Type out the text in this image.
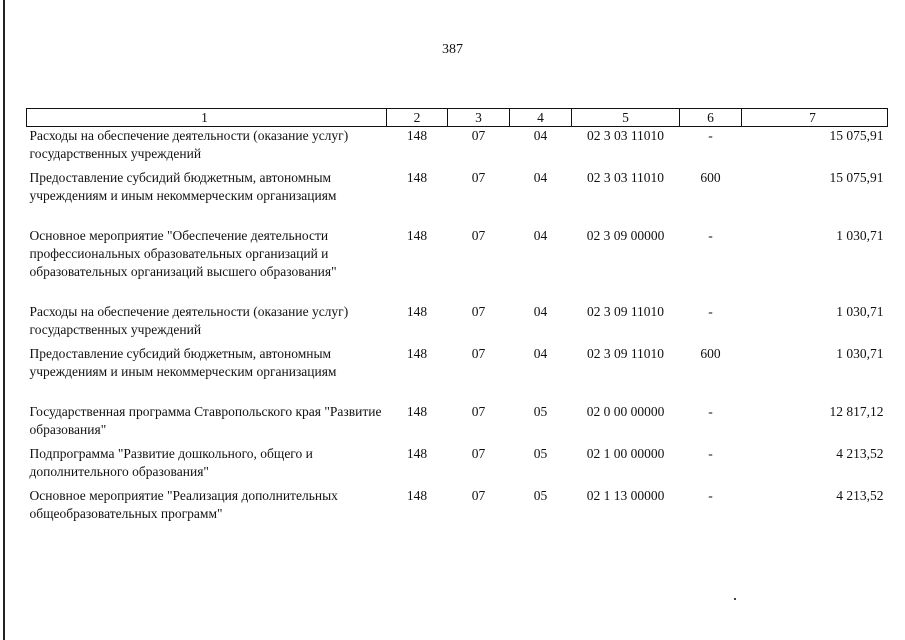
387
1	2	3	4	5	6	7
Расходы на обеспечение деятельности (оказание услуг) государственных учреждений	148	07	04	02 3 03 11010	-	15 075,91

Предоставление субсидий бюджетным, автономным учреждениям и иным некоммерческим организациям	148	07	04	02 3 03 11010	600	15 075,91

Основное мероприятие "Обеспечение деятельности профессиональных образовательных организаций и образовательных организаций высшего образования"	148	07	04	02 3 09 00000	-	1 030,71

Расходы на обеспечение деятельности (оказание услуг) государственных учреждений	148	07	04	02 3 09 11010	-	1 030,71

Предоставление субсидий бюджетным, автономным учреждениям и иным некоммерческим организациям	148	07	04	02 3 09 11010	600	1 030,71

Государственная программа Ставропольского края "Развитие образования"	148	07	05	02 0 00 00000	-	12 817,12

Подпрограмма "Развитие дошкольного, общего и дополнительного образования"	148	07	05	02 1 00 00000	-	4 213,52

Основное мероприятие "Реализация дополнительных общеобразовательных программ"	148	07	05	02 1 13 00000	-	4 213,52
